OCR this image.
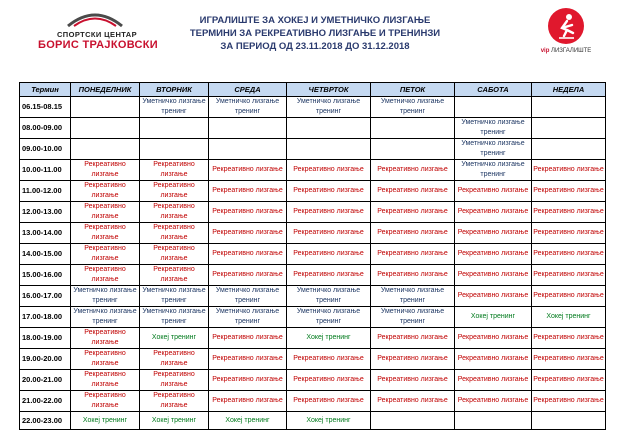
СПОРТСКИ ЦЕНТАР
БОРИС ТРАЈКОВСКИ
ИГРАЛИШТЕ ЗА ХОКЕЈ И УМЕТНИЧКО ЛИЗГАЊЕ
ТЕРМИНИ ЗА РЕКРЕАТИВНО ЛИЗГАЊЕ И ТРЕНИНЗИ
ЗА ПЕРИОД ОД 23.11.2018 ДО 31.12.2018	vip ЛИЗГАЛИШТЕ
Термин	ПОНЕДЕЛНИК	ВТОРНИК	СРЕДА	ЧЕТВРТОК	ПЕТОК	САБОТА	НЕДЕЛА
06.15-08.15		Уметничко лизгање тренинг	Уметничко лизгање тренинг	Уметничко лизгање тренинг	Уметничко лизгање тренинг		

08.00-09.00						Уметничко лизгање тренинг	

09.00-10.00						Уметничко лизгање тренинг	

10.00-11.00	Рекреативно лизгање	Рекреативно лизгање	Рекреативно лизгање	Рекреативно лизгање	Рекреативно лизгање	Уметничко лизгање тренинг	Рекреативно лизгање

11.00-12.00	Рекреативно лизгање	Рекреативно лизгање	Рекреативно лизгање	Рекреативно лизгање	Рекреативно лизгање	Рекреативно лизгање	Рекреативно лизгање

12.00-13.00	Рекреативно лизгање	Рекреативно лизгање	Рекреативно лизгање	Рекреативно лизгање	Рекреативно лизгање	Рекреативно лизгање	Рекреативно лизгање

13.00-14.00	Рекреативно лизгање	Рекреативно лизгање	Рекреативно лизгање	Рекреативно лизгање	Рекреативно лизгање	Рекреативно лизгање	Рекреативно лизгање

14.00-15.00	Рекреативно лизгање	Рекреативно лизгање	Рекреативно лизгање	Рекреативно лизгање	Рекреативно лизгање	Рекреативно лизгање	Рекреативно лизгање

15.00-16.00	Рекреативно лизгање	Рекреативно лизгање	Рекреативно лизгање	Рекреативно лизгање	Рекреативно лизгање	Рекреативно лизгање	Рекреативно лизгање

16.00-17.00	Уметничко лизгање тренинг	Уметничко лизгање тренинг	Уметничко лизгање тренинг	Уметничко лизгање тренинг	Уметничко лизгање тренинг	Рекреативно лизгање	Рекреативно лизгање

17.00-18.00	Уметничко лизгање тренинг	Уметничко лизгање тренинг	Уметничко лизгање тренинг	Уметничко лизгање тренинг	Уметничко лизгање тренинг	Хокеј тренинг	Хокеј тренинг

18.00-19.00	Рекреативно лизгање	Хокеј тренинг	Рекреативно лизгање	Хокеј тренинг	Рекреативно лизгање	Рекреативно лизгање	Рекреативно лизгање

19.00-20.00	Рекреативно лизгање	Рекреативно лизгање	Рекреативно лизгање	Рекреативно лизгање	Рекреативно лизгање	Рекреативно лизгање	Рекреативно лизгање

20.00-21.00	Рекреативно лизгање	Рекреативно лизгање	Рекреативно лизгање	Рекреативно лизгање	Рекреативно лизгање	Рекреативно лизгање	Рекреативно лизгање

21.00-22.00	Рекреативно лизгање	Рекреативно лизгање	Рекреативно лизгање	Рекреативно лизгање	Рекреативно лизгање	Рекреативно лизгање	Рекреативно лизгање

22.00-23.00	Хокеј тренинг	Хокеј тренинг	Хокеј тренинг	Хокеј тренинг			
